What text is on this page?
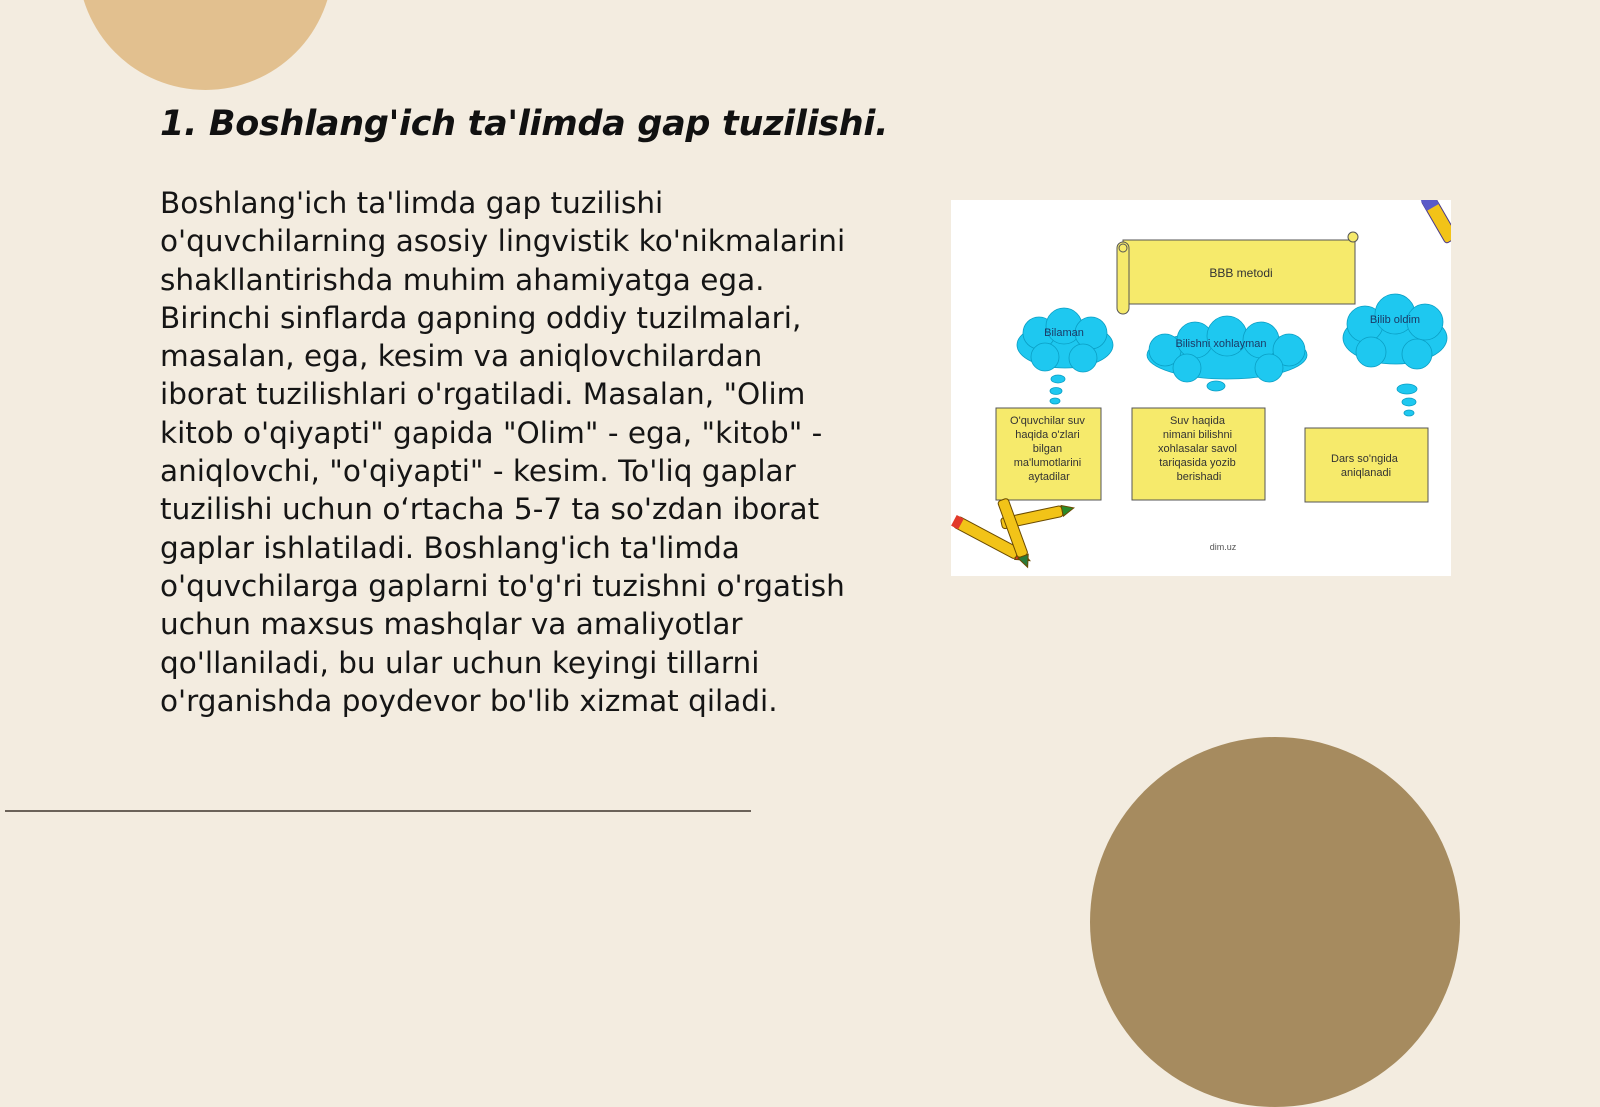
1. Boshlang'ich ta'limda gap tuzilishi.

Boshlang'ich ta'limda gap tuzilishi o'quvchilarning asosiy lingvistik ko'nikmalarini shakllantirishda muhim ahamiyatga ega. Birinchi sinflarda gapning oddiy tuzilmalari, masalan, ega, kesim va aniqlovchilardan iborat tuzilishlari o'rgatiladi. Masalan, "Olim kitob o'qiyapti" gapida "Olim" - ega, "kitob" - aniqlovchi, "o'qiyapti" - kesim. To'liq gaplar tuzilishi uchun o‘rtacha 5-7 ta so'zdan iborat gaplar ishlatiladi. Boshlang'ich ta'limda o'quvchilarga gaplarni to'g'ri tuzishni o'rgatish uchun maxsus mashqlar va amaliyotlar qo'llaniladi, bu ular uchun keyingi tillarni o'rganishda poydevor bo'lib xizmat qiladi.

BBB metodi
Bilaman
Bilishni xohlayman
Bilib oldim
O'quvchilar suv haqida o'zlari bilgan ma'lumotlarini aytadilar
Suv haqida nimani bilishni xohlasalar savol tariqasida yozib berishadi
Dars so'ngida aniqlanadi
dim.uz
